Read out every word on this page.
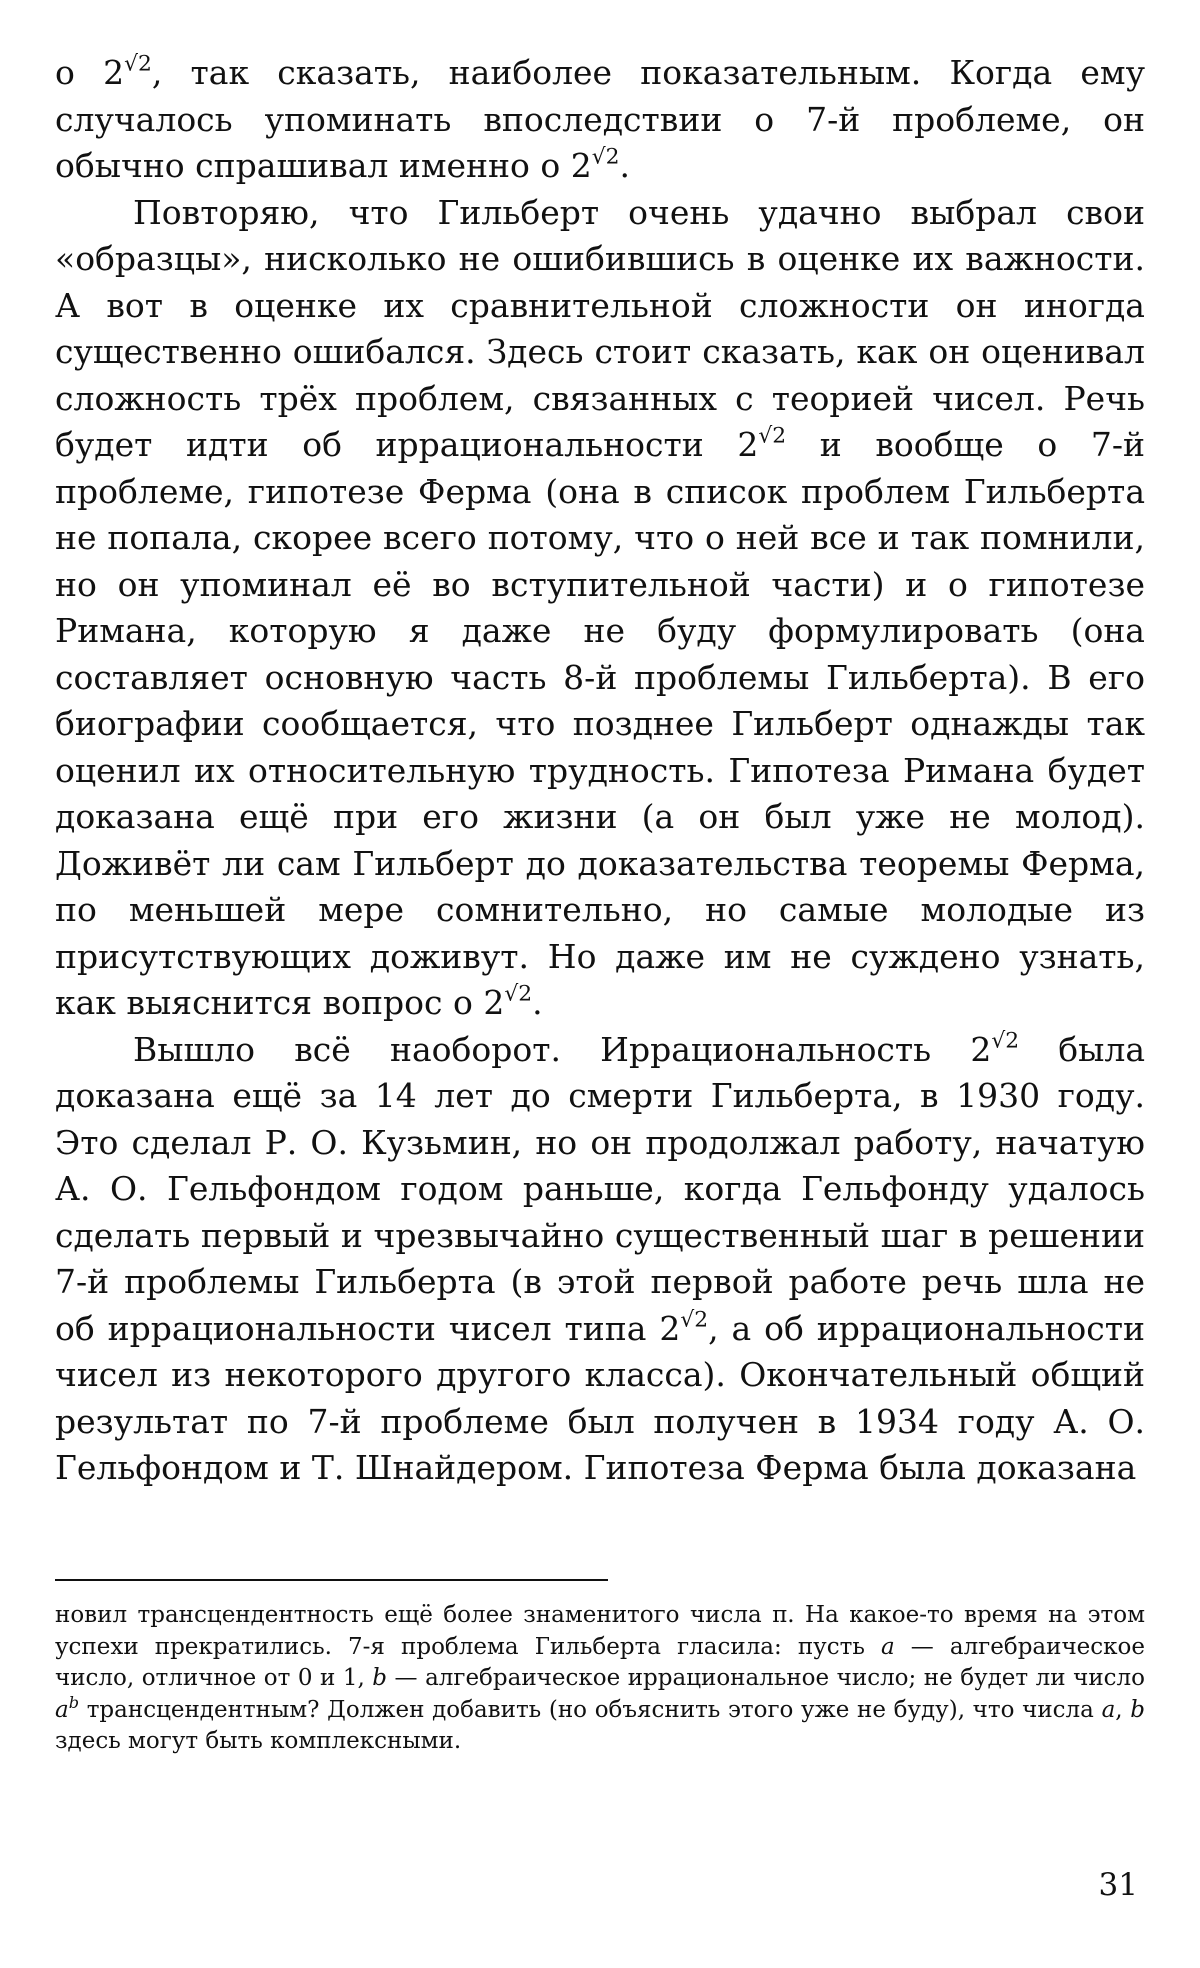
о $2^{√2}$, так сказать, наиболее показательным. Когда ему случалось упоминать впоследствии о 7-й проблеме, он обычно спрашивал именно о $2^{√2}$.

Повторяю, что Гильберт очень удачно выбрал свои «образцы», нисколько не ошибившись в оценке их важности. А вот в оценке их сравнительной сложности он иногда существенно ошибался. Здесь стоит сказать, как он оценивал сложность трёх проблем, связанных с теорией чисел. Речь будет идти об иррациональности $2^{√2}$ и вообще о 7-й проблеме, гипотезе Ферма (она в список проблем Гильберта не попала, скорее всего потому, что о ней все и так помнили, но он упоминал её во вступительной части) и о гипотезе Римана, которую я даже не буду формулировать (она составляет основную часть 8-й проблемы Гильберта). В его биографии сообщается, что позднее Гильберт однажды так оценил их относительную трудность. Гипотеза Римана будет доказана ещё при его жизни (а он был уже не молод). Доживёт ли сам Гильберт до доказательства теоремы Ферма, по меньшей мере сомнительно, но самые молодые из присутствующих доживут. Но даже им не суждено узнать, как выяснится вопрос о $2^{√2}$.

Вышло всё наоборот. Иррациональность $2^{√2}$ была доказана ещё за 14 лет до смерти Гильберта, в 1930 году. Это сделал Р. О. Кузьмин, но он продолжал работу, начатую А. О. Гельфондом годом раньше, когда Гельфонду удалось сделать первый и чрезвычайно существенный шаг в решении 7-й проблемы Гильберта (в этой первой работе речь шла не об иррациональности чисел типа $2^{√2}$, а об иррациональности чисел из некоторого другого класса). Окончательный общий результат по 7-й проблеме был получен в 1934 году А. О. Гельфондом и Т. Шнайдером. Гипотеза Ферма была доказана

новил трансцендентность ещё более знаменитого числа π. На какое-то время на этом успехи прекратились. 7-я проблема Гильберта гласила: пусть a — алгебраическое число, отличное от 0 и 1, b — алгебраическое иррациональное число; не будет ли число $a^b$ трансцендентным? Должен добавить (но объяснить этого уже не буду), что числа a, b здесь могут быть комплексными.

31
